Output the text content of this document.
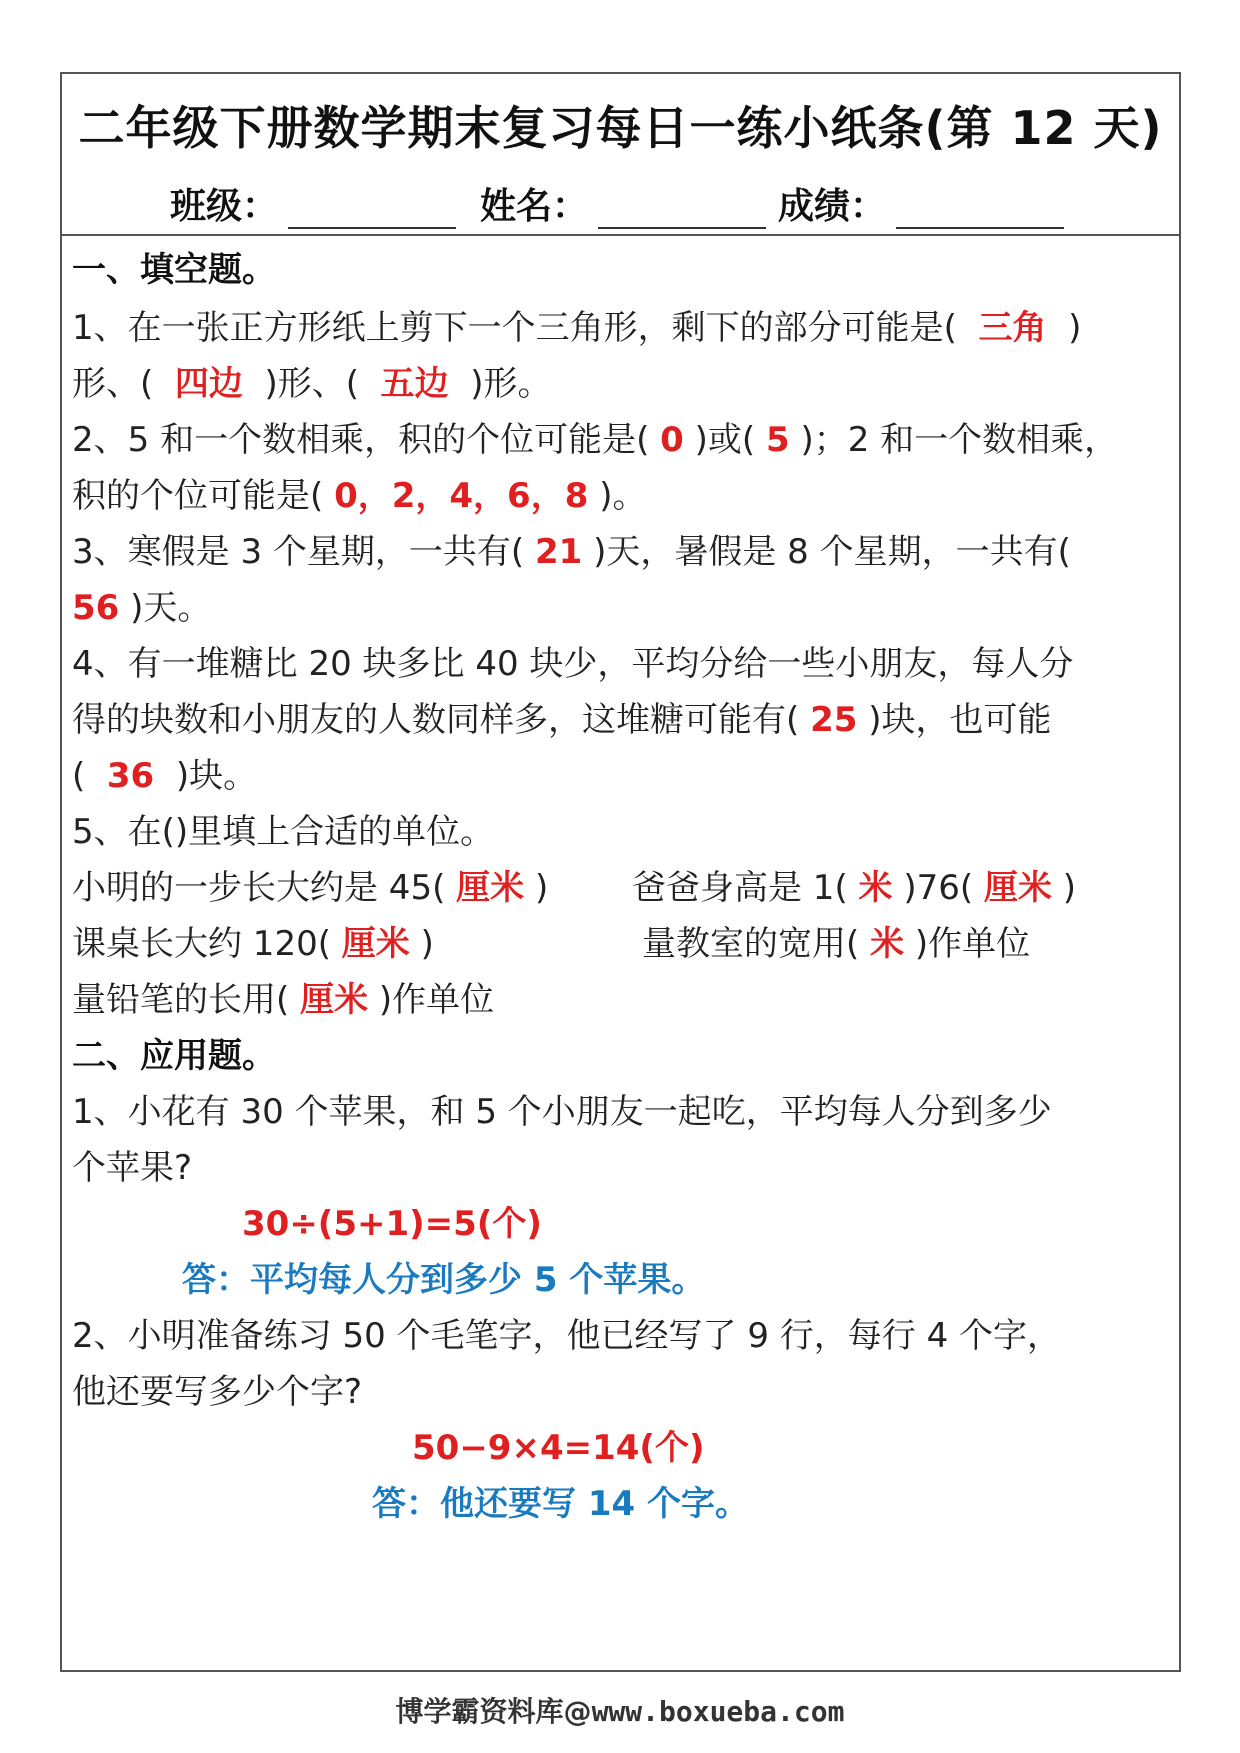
二年级下册数学期末复习每日一练小纸条(第 12 天)
班级：	姓名：	成绩：
一、填空题。
1、在一张正方形纸上剪下一个三角形，剩下的部分可能是( 三角 )
形、( 四边 )形、( 五边 )形。
2、5 和一个数相乘，积的个位可能是( 0 )或( 5 )；2 和一个数相乘，
积的个位可能是( 0，2，4，6，8 )。
3、寒假是 3 个星期，一共有( 21 )天，暑假是 8 个星期，一共有(
56 )天。
4、有一堆糖比 20 块多比 40 块少，平均分给一些小朋友，每人分
得的块数和小朋友的人数同样多，这堆糖可能有( 25 )块，也可能
( 36 )块。
5、在()里填上合适的单位。
小明的一步长大约是 45( 厘米 ) 爸爸身高是 1( 米 )76( 厘米 )
课桌长大约 120( 厘米 )	量教室的宽用( 米 )作单位
量铅笔的长用( 厘米 )作单位
二、应用题。
1、小花有 30 个苹果，和 5 个小朋友一起吃，平均每人分到多少
个苹果?
30÷(5+1)=5(个)
答：平均每人分到多少 5 个苹果。
2、小明准备练习 50 个毛笔字，他已经写了 9 行，每行 4 个字，
他还要写多少个字?
50−9×4=14(个)
答：他还要写 14 个字。
博学霸资料库@www.boxueba.com
